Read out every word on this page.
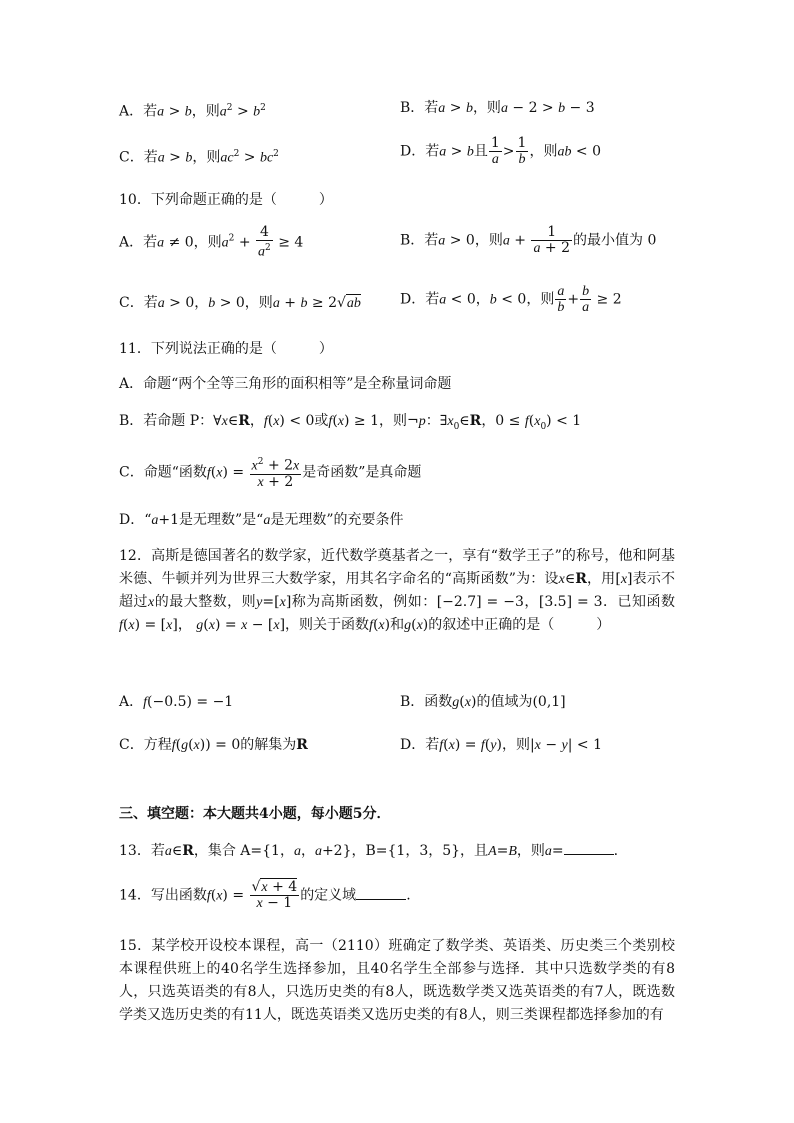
A．若a > b，则$a^2 > b^2$	B．若a > b，则a − 2 > b − 3
C．若a > b，则$ac^2 > bc^2$	D．若a > b且 $\frac{1}{a} > \frac{1}{b}$ ，则ab < 0
10．下列命题正确的是（　　　）
A．若a ≠ 0，则$a^2 + \frac{4}{a^2} \ge 4$	B．若a > 0，则$a + \frac{1}{a + 2}$ 的最小值为 0
C．若a > 0，b > 0，则a + b ≥ 2√ab	D．若a < 0，b < 0，则 $\frac{a}{b} + \frac{b}{a} \ge 2$
11．下列说法正确的是（　　　）
A．命题“两个全等三角形的面积相等”是全称量词命题
B．若命题 P：∀x∈R，f(x) < 0或f(x) ≥ 1，则¬p：$\exists x_0\in R$，$0 \le f(x_0) < 1$
C．命题“函数$f(x) = \frac{x^2 + 2x}{x + 2}$ 是奇函数”是真命题
D．“a+1是无理数”是“a是无理数”的充要条件
12．高斯是德国著名的数学家，近代数学奠基者之一，享有“数学王子”的称号，他和阿基米德、牛顿并列为世界三大数学家，用其名字命名的“高斯函数”为：设x∈R，用[x]表示不超过x的最大整数，则y=[x]称为高斯函数，例如：[−2.7] = −3，[3.5] = 3．已知函数 f(x) = [x]， g(x) = x − [x]，则关于函数f(x)和g(x)的叙述中正确的是（　　　）
A．f(−0.5) = −1	B．函数g(x)的值域为(0,1]
C．方程f(g(x)) = 0的解集为R	D．若f(x) = f(y)，则|x − y| < 1
三、填空题：本大题共4小题，每小题5分．
13．若a∈R，集合 A={1，a，a+2}，B={1，3，5}，且A=B，则a=	.
14．写出函数$f(x) = \frac{√x + 4}{x - 1}$ 的定义域	.
15．某学校开设校本课程，高一（2110）班确定了数学类、英语类、历史类三个类别校本课程供班上的40名学生选择参加，且40名学生全部参与选择．其中只选数学类的有8人，只选英语类的有8人，只选历史类的有8人，既选数学类又选英语类的有7人，既选数学类又选历史类的有11人，既选英语类又选历史类的有8人，则三类课程都选择参加的有
